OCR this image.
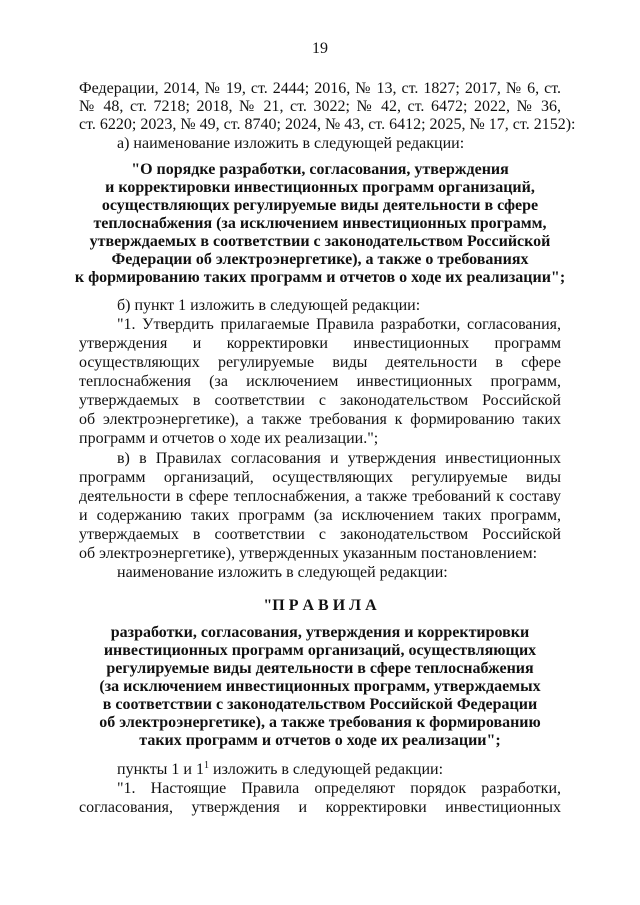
19
Федерации, 2014, № 19, ст. 2444; 2016, № 13, ст. 1827; 2017, № 6, ст.
№ 48, ст. 7218; 2018, № 21, ст. 3022; № 42, ст. 6472; 2022, № 36,
ст. 6220; 2023, № 49, ст. 8740; 2024, № 43, ст. 6412; 2025, № 17, ст. 2152):
а) наименование изложить в следующей редакции:
"О порядке разработки, согласования, утверждения
и корректировки инвестиционных программ организаций,
осуществляющих регулируемые виды деятельности в сфере
теплоснабжения (за исключением инвестиционных программ,
утверждаемых в соответствии с законодательством Российской
Федерации об электроэнергетике), а также о требованиях
к формированию таких программ и отчетов о ходе их реализации";
б) пункт 1 изложить в следующей редакции:
"1. Утвердить прилагаемые Правила разработки, согласования,
утверждения и корректировки инвестиционных программ
осуществляющих регулируемые виды деятельности в сфере
теплоснабжения (за исключением инвестиционных программ,
утверждаемых в соответствии с законодательством Российской
об электроэнергетике), а также требования к формированию таких
программ и отчетов о ходе их реализации.";
в) в Правилах согласования и утверждения инвестиционных
программ организаций, осуществляющих регулируемые виды
деятельности в сфере теплоснабжения, а также требований к составу
и содержанию таких программ (за исключением таких программ,
утверждаемых в соответствии с законодательством Российской
об электроэнергетике), утвержденных указанным постановлением:
наименование изложить в следующей редакции:
"П Р А В И Л А
разработки, согласования, утверждения и корректировки
инвестиционных программ организаций, осуществляющих
регулируемые виды деятельности в сфере теплоснабжения
(за исключением инвестиционных программ, утверждаемых
в соответствии с законодательством Российской Федерации
об электроэнергетике), а также требования к формированию
таких программ и отчетов о ходе их реализации";
пункты 1 и $1^1$ изложить в следующей редакции:
"1. Настоящие Правила определяют порядок разработки,
согласования, утверждения и корректировки инвестиционных
